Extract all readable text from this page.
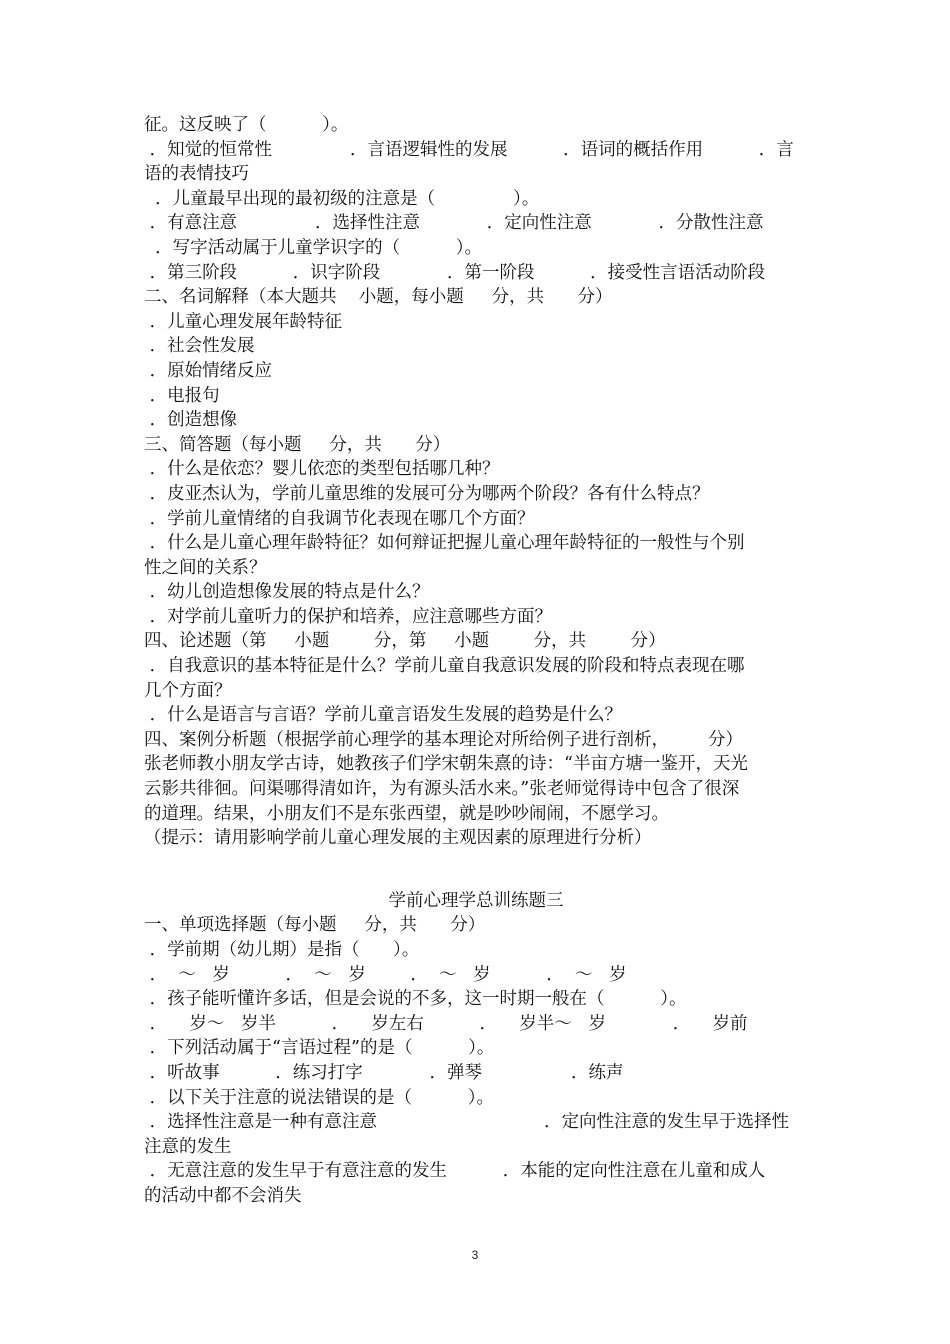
征。这反映了（          ）。
．知觉的恒常性              ．言语逻辑性的发展          ．语词的概括作用          ．言
语的表情技巧
．儿童最早出现的最初级的注意是（              ）。
．有意注意              ．选择性注意            ．定向性注意            ．分散性注意
．写字活动属于儿童学识字的（          ）。
．第三阶段          ．识字阶段            ．第一阶段          ．接受性言语活动阶段
二、名词解释（本大题共    小题，每小题     分，共      分）
．儿童心理发展年龄特征
．社会性发展
．原始情绪反应
．电报句
．创造想像
三、简答题（每小题     分，共      分）
．什么是依恋？婴儿依恋的类型包括哪几种？
．皮亚杰认为，学前儿童思维的发展可分为哪两个阶段？各有什么特点？
．学前儿童情绪的自我调节化表现在哪几个方面？
．什么是儿童心理年龄特征？如何辩证把握儿童心理年龄特征的一般性与个别
性之间的关系？
．幼儿创造想像发展的特点是什么？
．对学前儿童听力的保护和培养，应注意哪些方面？
四、论述题（第     小题        分，第     小题        分，共        分）
．自我意识的基本特征是什么？学前儿童自我意识发展的阶段和特点表现在哪
几个方面？
．什么是语言与言语？学前儿童言语发生发展的趋势是什么？
四、案例分析题（根据学前心理学的基本理论对所给例子进行剖析，       分）
张老师教小朋友学古诗，她教孩子们学宋朝朱熹的诗：“半亩方塘一鉴开，天光
云影共徘徊。问渠哪得清如许，为有源头活水来。”张老师觉得诗中包含了很深
的道理。结果，小朋友们不是东张西望，就是吵吵闹闹，不愿学习。
（提示：请用影响学前儿童心理发展的主观因素的原理进行分析）
学前心理学总训练题三
一、单项选择题（每小题     分，共      分）
．学前期（幼儿期）是指（      ）。
．  ～   岁          ．  ～   岁        ．  ～   岁          ．  ～   岁
．孩子能听懂许多话，但是会说的不多，这一时期一般在（          ）。
．    岁～   岁半          ．    岁左右          ．    岁半～   岁            ．    岁前
．下列活动属于“言语过程”的是（          ）。
．听故事          ．练习打字            ．弹琴                ．练声
．以下关于注意的说法错误的是（          ）。
．选择性注意是一种有意注意                              ．定向性注意的发生早于选择性
注意的发生
．无意注意的发生早于有意注意的发生          ．本能的定向性注意在儿童和成人
的活动中都不会消失
3
